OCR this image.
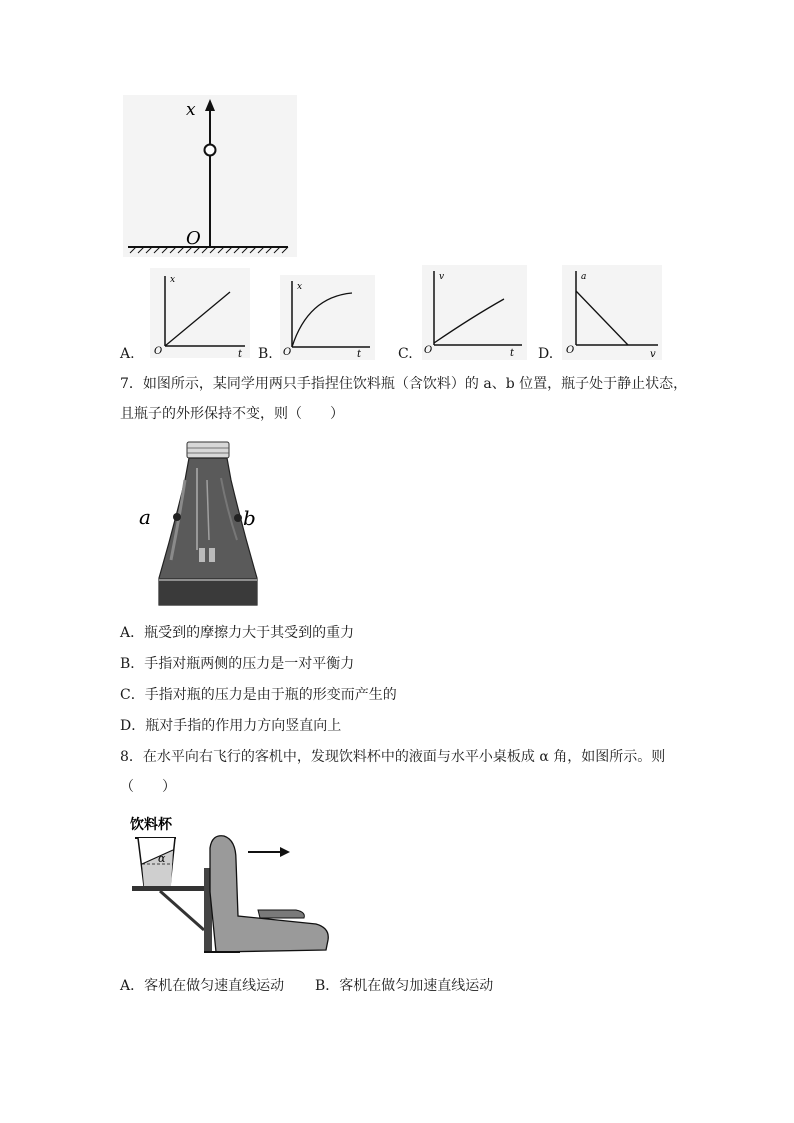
x
O
A.
x
t
O	B.
x
t
O	C.
v
t
O	D.
a
v
O
7．如图所示，某同学用两只手指捏住饮料瓶（含饮料）的 a、b 位置，瓶子处于静止状态，
且瓶子的外形保持不变，则（　　）
a	b
A．瓶受到的摩擦力大于其受到的重力
B．手指对瓶两侧的压力是一对平衡力
C．手指对瓶的压力是由于瓶的形变而产生的
D．瓶对手指的作用力方向竖直向上
8．在水平向右飞行的客机中，发现饮料杯中的液面与水平小桌板成 α 角，如图所示。则
（　　）
饮料杯
α
A．客机在做匀速直线运动 B．客机在做匀加速直线运动
